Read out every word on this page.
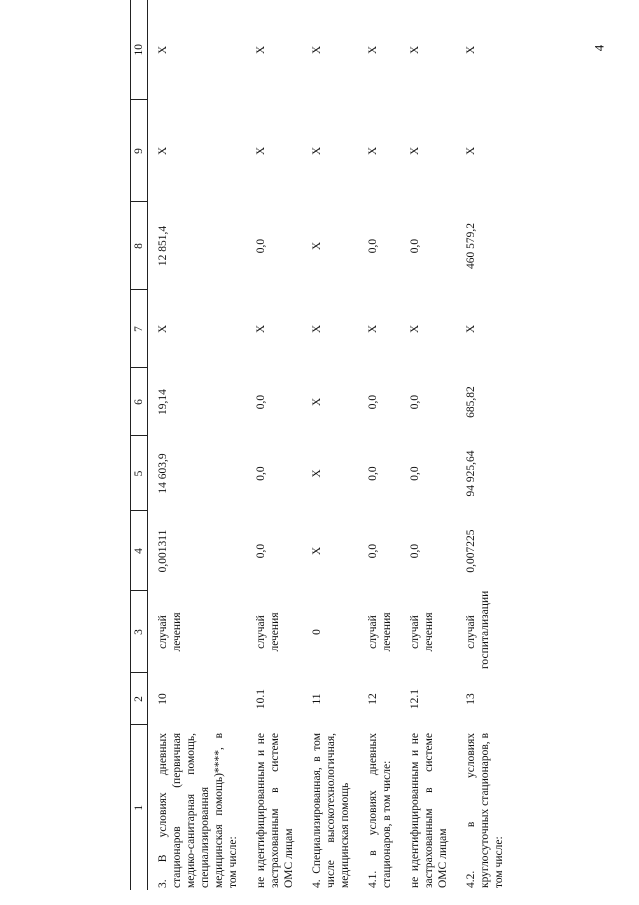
4
1	2	3	4	5	6	7	8	9	10
3. В условиях дневных стационаров (первичная медико-санитарная помощь, специализированная медицинская помощь)****, в том числе:	10	случай лечения	0,001311	14 603,9	19,14	X	12 851,4	X	X
не идентифицированным и не застрахованным в системе ОМС лицам	10.1	случай лечения	0,0	0,0	0,0	X	0,0	X	X
4. Специализированная, в том числе высокотехнологичная, медицинская помощь	11	0	X	X	X	X	X	X	X
4.1. в условиях дневных стационаров, в том числе:	12	случай лечения	0,0	0,0	0,0	X	0,0	X	X
не идентифицированным и не застрахованным в системе ОМС лицам	12.1	случай лечения	0,0	0,0	0,0	X	0,0	X	X
4.2. в условиях круглосуточных стационаров, в том числе:	13	случай госпитализации	0,007225	94 925,64	685,82	X	460 579,2	X	X
